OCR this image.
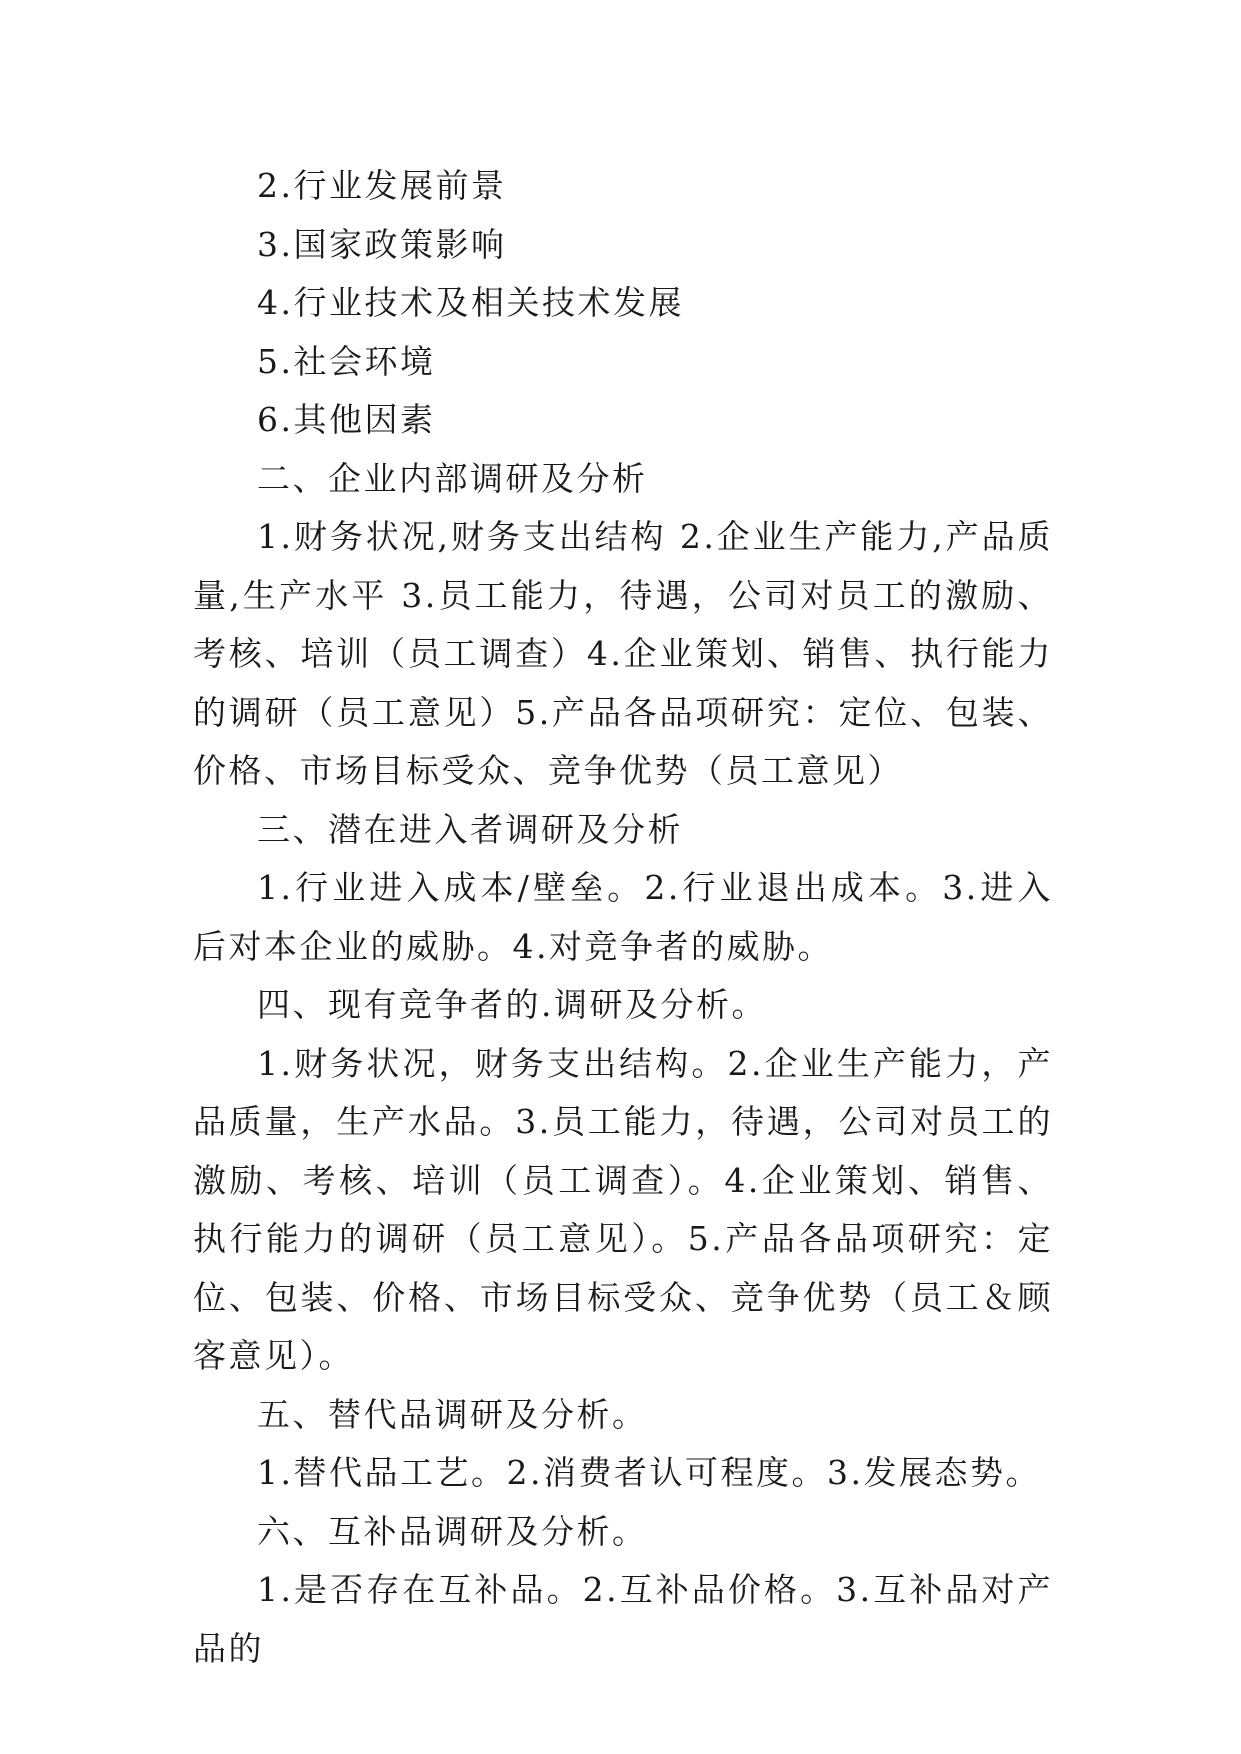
2.行业发展前景

3.国家政策影响

4.行业技术及相关技术发展

5.社会环境

6.其他因素

二、企业内部调研及分析

1.财务状况,财务支出结构 2.企业生产能力,产品质量,生产水平 3.员工能力，待遇，公司对员工的激励、考核、培训（员工调查）4.企业策划、销售、执行能力的调研（员工意见）5.产品各品项研究：定位、包装、价格、市场目标受众、竞争优势（员工意见）

三、潜在进入者调研及分析

1.行业进入成本/壁垒。2.行业退出成本。3.进入后对本企业的威胁。4.对竞争者的威胁。

四、现有竞争者的.调研及分析。

1.财务状况，财务支出结构。2.企业生产能力，产品质量，生产水品。3.员工能力，待遇，公司对员工的激励、考核、培训（员工调查）。4.企业策划、销售、执行能力的调研（员工意见）。5.产品各品项研究：定位、包装、价格、市场目标受众、竞争优势（员工＆顾客意见）。

五、替代品调研及分析。

1.替代品工艺。2.消费者认可程度。3.发展态势。

六、互补品调研及分析。

1.是否存在互补品。2.互补品价格。3.互补品对产品的
